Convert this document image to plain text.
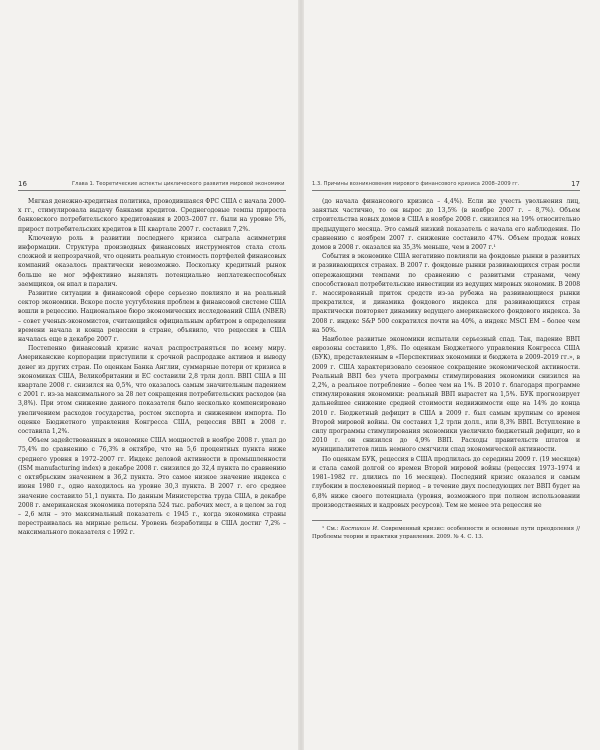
16	Глава 1. Теоретические аспекты циклического развития мировой экономики

Мягкая денежно-кредитная политика, проводившаяся ФРС США с начала 2000-х гг., стимулировала выдачу банками кредитов. Среднегодовые темпы прироста банковского потребительского кредитования в 2003–2007 гг. были на уровне 5%, прирост потребительских кредитов в III квартале 2007 г. составил 7,2%.

Ключевую роль в развитии последнего кризиса сыграла асимметрия информации. Структура производных финансовых инструментов стала столь сложной и непрозрачной, что оценить реальную стоимость портфелей финансовых компаний оказалось практически невозможно. Поскольку кредитный рынок больше не мог эффективно выявлять потенциально неплатежеспособных заемщиков, он впал в паралич.

Развитие ситуации в финансовой сфере серьезно повлияло и на реальный сектор экономики. Вскоре после усугубления проблем в финансовой системе США вошли в рецессию. Национальное бюро экономических исследований США (NBER) – совет ученых-экономистов, считающийся официальным арбитром в определении времени начала и конца рецессии в стране, объявило, что рецессия в США началась еще в декабре 2007 г.

Постепенно финансовый кризис начал распространяться по всему миру. Американские корпорации приступили к срочной распродаже активов и выводу денег из других стран. По оценкам Банка Англии, суммарные потери от кризиса в экономиках США, Великобритании и ЕС составили 2,8 трлн долл. ВВП США в III квартале 2008 г. снизился на 0,5%, что оказалось самым значительным падением с 2001 г. из-за максимального за 28 лет сокращения потребительских расходов (на 3,8%). При этом снижение данного показателя было несколько компенсировано увеличением расходов государства, ростом экспорта и снижением импорта. По оценке Бюджетного управления Конгресса США, рецессия ВВП в 2008 г. составила 1,2%.

Объем задействованных в экономике США мощностей в ноябре 2008 г. упал до 75,4% по сравнению с 76,3% в октябре, что на 5,6 процентных пункта ниже среднего уровня в 1972–2007 гг. Индекс деловой активности в промышленности (ISM manufacturing index) в декабре 2008 г. снизился до 32,4 пункта по сравнению с октябрьским значением в 36,2 пункта. Это самое низкое значение индекса с июня 1980 г., одно находилось на уровне 30,3 пункта. В 2007 г. его среднее значение составило 51,1 пункта. По данным Министерства труда США, в декабре 2008 г. американская экономика потеряла 524 тыс. рабочих мест, а в целом за год – 2,6 млн – это максимальный показатель с 1945 г., когда экономика страны перестраивалась на мирные рельсы. Уровень безработицы в США достиг 7,2% – максимального показателя с 1992 г.

1.3. Причины возникновения мирового финансового кризиса 2008–2009 гг.	17

(до начала финансового кризиса – 4,4%). Если же учесть увольнения лиц, занятых частично, то он вырос до 13,5% (в ноябре 2007 г. – 8,7%). Объем строительства новых домов в США в ноябре 2008 г. снизился на 19% относительно предыдущего месяца. Это самый низкий показатель с начала его наблюдения. По сравнению с ноябрем 2007 г. снижение составило 47%. Объем продаж новых домов в 2008 г. оказался на 35,3% меньше, чем в 2007 г.¹

События в экономике США негативно повлияли на фондовые рынки в развитых и развивающихся странах. В 2007 г. фондовые рынки развивающихся стран росли опережающими темпами по сравнению с развитыми странами, чему способствовал потребительские инвестиции из ведущих мировых экономик. В 2008 г. массированный приток средств из-за рубежа на развивающиеся рынки прекратился, и динамика фондового индекса для развивающихся стран практически повторяет динамику ведущего американского фондового индекса. За 2008 г. индекс S&P 500 сократился почти на 40%, а индекс MSCI EM – более чем на 50%.

Наиболее развитые экономики испытали серьезный спад. Так, падение ВВП еврозоны составило 1,8%. По оценкам Бюджетного управления Конгресса США (БУК), представленным в «Перспективах экономики и бюджета в 2009–2019 гг.», в 2009 г. США характеризовало сезонное сокращение экономической активности. Реальный ВВП без учета программы стимулирования экономики снизился на 2,2%, а реальное потребление – более чем на 1%. В 2010 г. благодаря программе стимулирования экономики: реальный ВВП вырастет на 1,5%. БУК прогнозирует дальнейшее снижение средней стоимости недвижимости еще на 14% до конца 2010 г. Бюджетный дефицит в США в 2009 г. был самым крупным со времен Второй мировой войны. Он составил 1,2 трлн долл., или 8,3% ВВП. Вступление в силу программы стимулирования экономики увеличило бюджетный дефицит, но в 2010 г. он снизился до 4,9% ВВП. Расходы правительств штатов и муниципалитетов лишь немного смягчили спад экономической активности.

По оценкам БУК, рецессия в США продлилась до середины 2009 г. (19 месяцев) и стала самой долгой со времен Второй мировой войны (рецессия 1973–1974 и 1981–1982 гг. длились по 16 месяцев). Последний кризис оказался и самым глубоким в послевоенный период – в течение двух последующих лет ВВП будет на 6,8% ниже своего потенциала (уровня, возможного при полном использовании производственных и кадровых ресурсов). Тем не менее эта рецессия не

¹ См.: Костикин И. Современный кризис: особенности и основные пути преодоления // Проблемы теории и практики управления. 2009. № 4. С. 13.
